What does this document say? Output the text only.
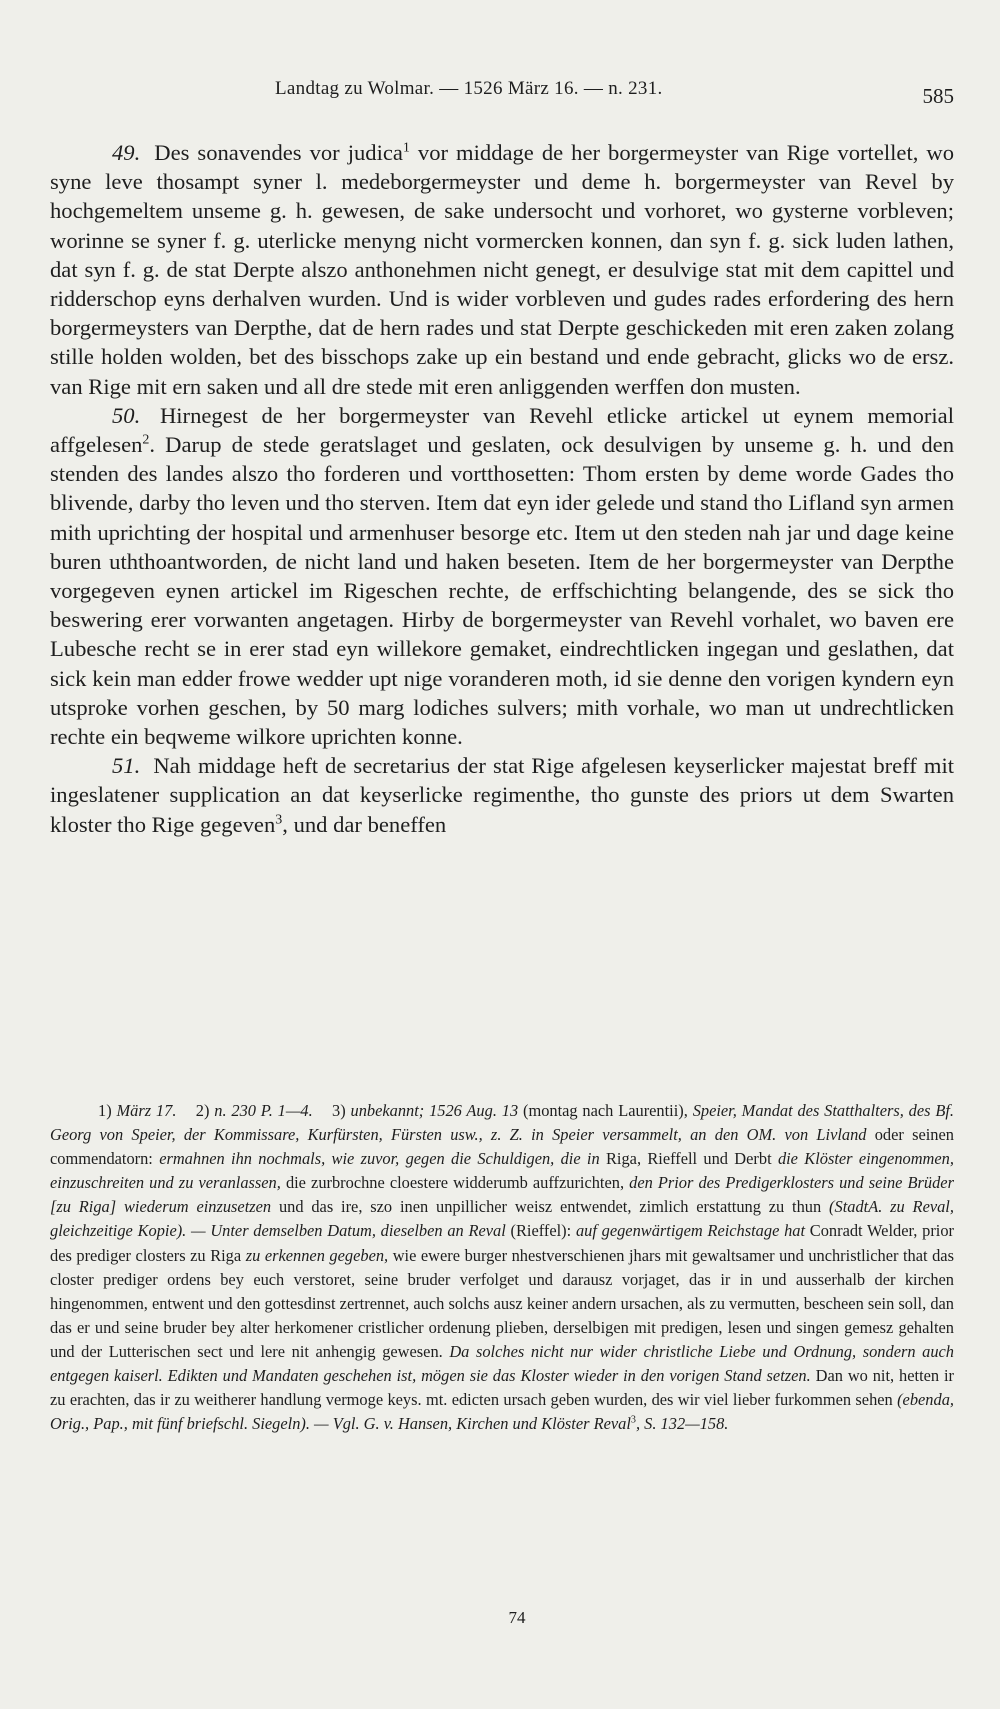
Landtag zu Wolmar. — 1526 März 16. — n. 231.	585

49. Des sonavendes vor judica$^1$ vor middage de her borgermeyster van Rige vortellet, wo syne leve thosampt syner l. medeborgermeyster und deme h. borgermeyster van Revel by hochgemeltem unseme g. h. gewesen, de sake undersocht und vorhoret, wo gysterne vorbleven; worinne se syner f. g. uterlicke menyng nicht vormercken konnen, dan syn f. g. sick luden lathen, dat syn f. g. de stat Derpte alszo anthonehmen nicht genegt, er desulvige stat mit dem capittel und ridderschop eyns derhalven wurden. Und is wider vorbleven und gudes rades erfordering des hern borgermeysters van Derpthe, dat de hern rades und stat Derpte geschickeden mit eren zaken zolang stille holden wolden, bet des bisschops zake up ein bestand und ende gebracht, glicks wo de ersz. van Rige mit ern saken und all dre stede mit eren anliggenden werffen don musten.

50. Hirnegest de her borgermeyster van Revehl etlicke artickel ut eynem memorial affgelesen$^2$. Darup de stede geratslaget und geslaten, ock desulvigen by unseme g. h. und den stenden des landes alszo tho forderen und vortthosetten: Thom ersten by deme worde Gades tho blivende, darby tho leven und tho sterven. Item dat eyn ider gelede und stand tho Lifland syn armen mith uprichting der hospital und armenhuser besorge etc. Item ut den steden nah jar und dage keine buren uththoantworden, de nicht land und haken beseten. Item de her borgermeyster van Derpthe vorgegeven eynen artickel im Rigeschen rechte, de erffschichting belangende, des se sick tho beswering erer vorwanten angetagen. Hirby de borgermeyster van Revehl vorhalet, wo baven ere Lubesche recht se in erer stad eyn willekore gemaket, eindrechtlicken ingegan und geslathen, dat sick kein man edder frowe wedder upt nige voranderen moth, id sie denne den vorigen kyndern eyn utsproke vorhen geschen, by 50 marg lodiches sulvers; mith vorhale, wo man ut undrechtlicken rechte ein beqweme wilkore uprichten konne.

51. Nah middage heft de secretarius der stat Rige afgelesen keyserlicker majestat breff mit ingeslatener supplication an dat keyserlicke regimenthe, tho gunste des priors ut dem Swarten kloster tho Rige gegeven$^3$, und dar beneffen

1) März 17. 2) n. 230 P. 1—4. 3) unbekannt; 1526 Aug. 13 (montag nach Laurentii), Speier, Mandat des Statthalters, des Bf. Georg von Speier, der Kommissare, Kurfürsten, Fürsten usw., z. Z. in Speier versammelt, an den OM. von Livland oder seinen commendatorn: ermahnen ihn nochmals, wie zuvor, gegen die Schuldigen, die in Riga, Rieffell und Derbt die Klöster eingenommen, einzuschreiten und zu veranlassen, die zurbrochne cloestere widderumb auffzurichten, den Prior des Predigerklosters und seine Brüder [zu Riga] wiederum einzusetzen und das ire, szo inen unpillicher weisz entwendet, zimlich erstattung zu thun (StadtA. zu Reval, gleichzeitige Kopie). — Unter demselben Datum, dieselben an Reval (Rieffel): auf gegenwärtigem Reichstage hat Conradt Welder, prior des prediger closters zu Riga zu erkennen gegeben, wie ewere burger nhestverschienen jhars mit gewaltsamer und unchristlicher that das closter prediger ordens bey euch verstoret, seine bruder verfolget und darausz vorjaget, das ir in und ausserhalb der kirchen hingenommen, entwent und den gottesdinst zertrennet, auch solchs ausz keiner andern ursachen, als zu vermutten, bescheen sein soll, dan das er und seine bruder bey alter herkomener cristlicher ordenung plieben, derselbigen mit predigen, lesen und singen gemesz gehalten und der Lutterischen sect und lere nit anhengig gewesen. Da solches nicht nur wider christliche Liebe und Ordnung, sondern auch entgegen kaiserl. Edikten und Mandaten geschehen ist, mögen sie das Kloster wieder in den vorigen Stand setzen. Dan wo nit, hetten ir zu erachten, das ir zu weitherer handlung vermoge keys. mt. edicten ursach geben wurden, des wir viel lieber furkommen sehen (ebenda, Orig., Pap., mit fünf briefschl. Siegeln). — Vgl. G. v. Hansen, Kirchen und Klöster Reval$^3$, S. 132—158.

74
